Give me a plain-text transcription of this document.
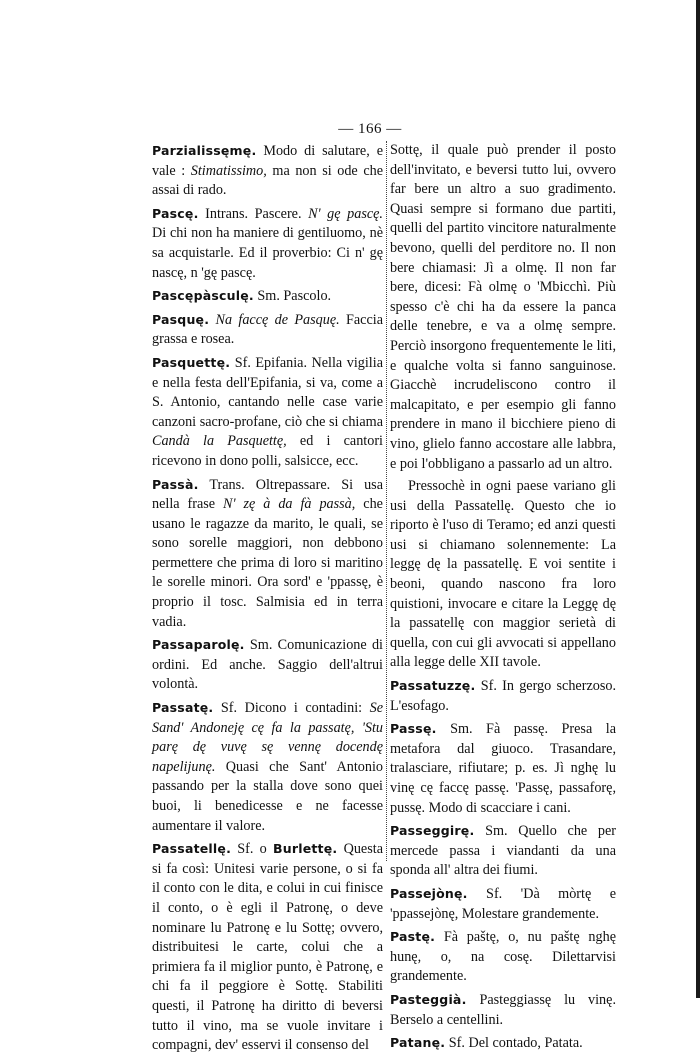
— 166 —

Parzialissęmę. Modo di salutare, e vale : Stimatissimo, ma non si ode che assai di rado.

Pascę. Intrans. Pascere. N' gę pascę. Di chi non ha maniere di gentiluomo, nè sa acquistarle. Ed il proverbio: Ci n' gę nascę, n 'gę pascę.

Pascępàsculę. Sm. Pascolo.

Pasquę. Na faccę de Pasquę. Faccia grassa e rosea.

Pasquettę. Sf. Epifania. Nella vigilia e nella festa dell'Epifania, si va, come a S. Antonio, cantando nelle case varie canzoni sacro-profane, ciò che si chiama Candà la Pasquettę, ed i cantori ricevono in dono polli, salsicce, ecc.

Passà. Trans. Oltrepassare. Si usa nella frase N' zę à da fà passà, che usano le ragazze da marito, le quali, se sono sorelle maggiori, non debbono permettere che prima di loro si maritino le sorelle minori. Ora sord' e 'ppassę, è proprio il tosc. Salmisia ed in terra vadia.

Passaparolę. Sm. Comunicazione di ordini. Ed anche. Saggio dell'altrui volontà.

Passatę. Sf. Dicono i contadini: Se Sand' Andoneję cę fa la passatę, 'Stu parę dę vuvę sę vennę docendę napelijunę. Quasi che Sant' Antonio passando per la stalla dove sono quei buoi, li benedicesse e ne facesse aumentare il valore.

Passatellę. Sf. o Burlettę. Questa si fa così: Unitesi varie persone, o si fa il conto con le dita, e colui in cui finisce il conto, o è egli il Patronę, o deve nominare lu Patronę e lu Sottę; ovvero, distribuitesi le carte, colui che a primiera fa il miglior punto, è Patronę, e chi fa il peggiore è Sottę. Stabiliti questi, il Patronę ha diritto di beversi tutto il vino, ma se vuole invitare i compagni, dev' esservi il consenso del

Sottę, il quale può prender il posto dell'invitato, e beversi tutto lui, ovvero far bere un altro a suo gradimento. Quasi sempre si formano due partiti, quelli del partito vincitore naturalmente bevono, quelli del perditore no. Il non bere chiamasi: Jì a olmę. Il non far bere, dicesi: Fà olmę o 'Mbicchì. Più spesso c'è chi ha da essere la panca delle tenebre, e va a olmę sempre. Perciò insorgono frequentemente le liti, e qualche volta si fanno sanguinose. Giacchè incrudeliscono contro il malcapitato, e per esempio gli fanno prendere in mano il bicchiere pieno di vino, glielo fanno accostare alle labbra, e poi l'obbligano a passarlo ad un altro.

Pressochè in ogni paese variano gli usi della Passatellę. Questo che io riporto è l'uso di Teramo; ed anzi questi usi si chiamano solennemente: La leggę dę la passatellę. E voi sentite i beoni, quando nascono fra loro quistioni, invocare e citare la Leggę dę la passatellę con maggior serietà di quella, con cui gli avvocati si appellano alla legge delle XII tavole.

Passatuzzę. Sf. In gergo scherzoso. L'esofago.

Passę. Sm. Fà passę. Presa la metafora dal giuoco. Trasandare, tralasciare, rifiutare; p. es. Jì nghę lu vinę cę faccę passę. 'Passę, passaforę, pussę. Modo di scacciare i cani.

Passeggirę. Sm. Quello che per mercede passa i viandanti da una sponda all' altra dei fiumi.

Passejònę. Sf. 'Dà mòrtę e 'ppassejònę, Molestare grandemente.

Pastę. Fà paštę, o, nu paštę nghę hunę, o, na cosę. Dilettarvisi grandemente.

Pasteggià. Pasteggiassę lu vinę. Berselo a centellini.

Patanę. Sf. Del contado, Patata.
